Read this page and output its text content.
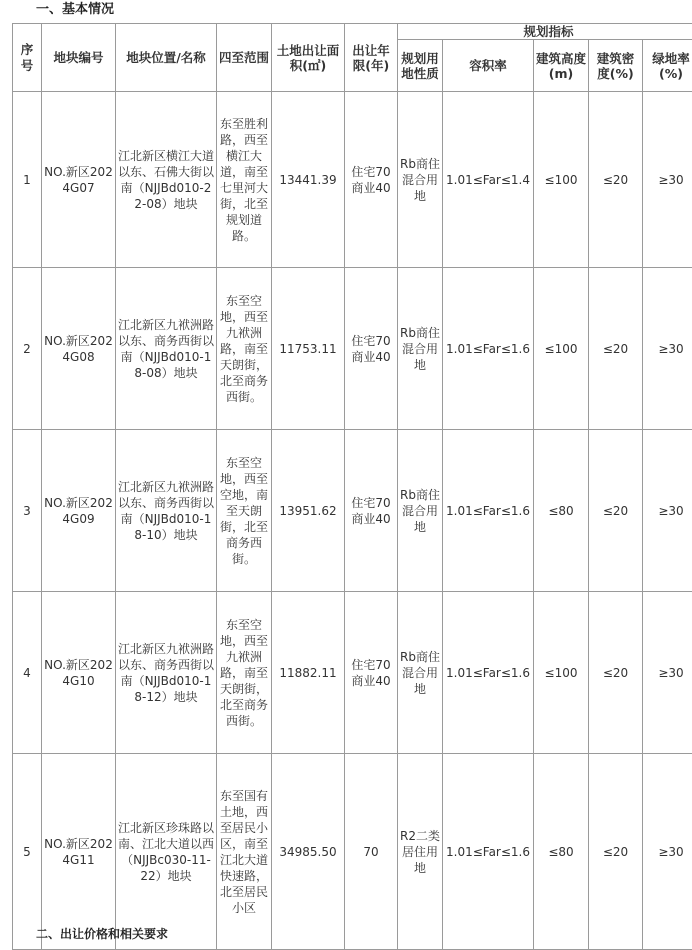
一、基本情况
序号	地块编号	地块位置/名称	四至范围	土地出让面积(㎡)	出让年限(年)	规划指标				
						规划用地性质	容积率	建筑高度(m)	建筑密度(%)	绿地率(%)
1	NO.新区2024G07	江北新区横江大道以东、石佛大街以南（NJJBd010-22-08）地块	东至胜利路，西至横江大道，南至七里河大街，北至规划道路。	13441.39	住宅70
商业40	Rb商住混合用地	1.01≤Far≤1.4	≤100	≤20	≥30
2	NO.新区2024G08	江北新区九袱洲路以东、商务西街以南（NJJBd010-18-08）地块	东至空地，西至九袱洲路，南至天朗街，北至商务西街。	11753.11	住宅70
商业40	Rb商住混合用地	1.01≤Far≤1.6	≤100	≤20	≥30
3	NO.新区2024G09	江北新区九袱洲路以东、商务西街以南（NJJBd010-18-10）地块	东至空地，西至空地，南至天朗街，北至商务西街。	13951.62	住宅70
商业40	Rb商住混合用地	1.01≤Far≤1.6	≤80	≤20	≥30
4	NO.新区2024G10	江北新区九袱洲路以东、商务西街以南（NJJBd010-18-12）地块	东至空地，西至九袱洲路，南至天朗街，北至商务西街。	11882.11	住宅70
商业40	Rb商住混合用地	1.01≤Far≤1.6	≤100	≤20	≥30
5	NO.新区2024G11	江北新区珍珠路以南、江北大道以西（NJJBc030-11-22）地块	东至国有土地，西至居民小区，南至江北大道快速路，北至居民小区	34985.50	70	R2二类居住用地	1.01≤Far≤1.6	≤80	≤20	≥30
二、出让价格和相关要求
